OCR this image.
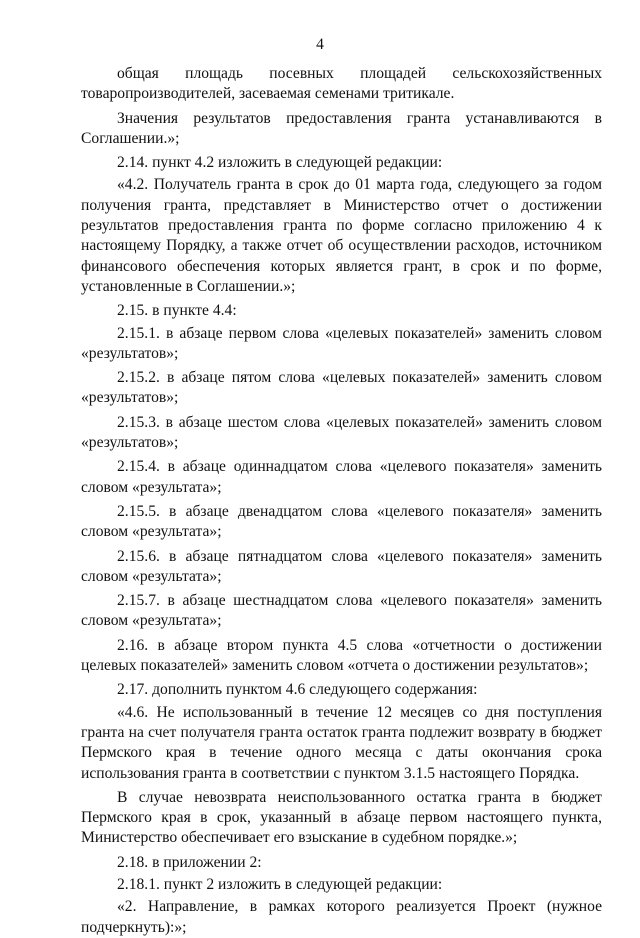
4

общая площадь посевных площадей сельскохозяйственных товаропроизводителей, засеваемая семенами тритикале.

Значения результатов предоставления гранта устанавливаются в Соглашении.»;

2.14. пункт 4.2 изложить в следующей редакции:

«4.2. Получатель гранта в срок до 01 марта года, следующего за годом получения гранта, представляет в Министерство отчет о достижении результатов предоставления гранта по форме согласно приложению 4 к настоящему Порядку, а также отчет об осуществлении расходов, источником финансового обеспечения которых является грант, в срок и по форме, установленные в Соглашении.»;

2.15. в пункте 4.4:

2.15.1. в абзаце первом слова «целевых показателей» заменить словом «результатов»;

2.15.2. в абзаце пятом слова «целевых показателей» заменить словом «результатов»;

2.15.3. в абзаце шестом слова «целевых показателей» заменить словом «результатов»;

2.15.4. в абзаце одиннадцатом слова «целевого показателя» заменить словом «результата»;

2.15.5. в абзаце двенадцатом слова «целевого показателя» заменить словом «результата»;

2.15.6. в абзаце пятнадцатом слова «целевого показателя» заменить словом «результата»;

2.15.7. в абзаце шестнадцатом слова «целевого показателя» заменить словом «результата»;

2.16. в абзаце втором пункта 4.5 слова «отчетности о достижении целевых показателей» заменить словом «отчета о достижении результатов»;

2.17. дополнить пунктом 4.6 следующего содержания:

«4.6. Не использованный в течение 12 месяцев со дня поступления гранта на счет получателя гранта остаток гранта подлежит возврату в бюджет Пермского края в течение одного месяца с даты окончания срока использования гранта в соответствии с пунктом 3.1.5 настоящего Порядка.

В случае невозврата неиспользованного остатка гранта в бюджет Пермского края в срок, указанный в абзаце первом настоящего пункта, Министерство обеспечивает его взыскание в судебном порядке.»;

2.18. в приложении 2:

2.18.1. пункт 2 изложить в следующей редакции:

«2. Направление, в рамках которого реализуется Проект (нужное подчеркнуть):»;
